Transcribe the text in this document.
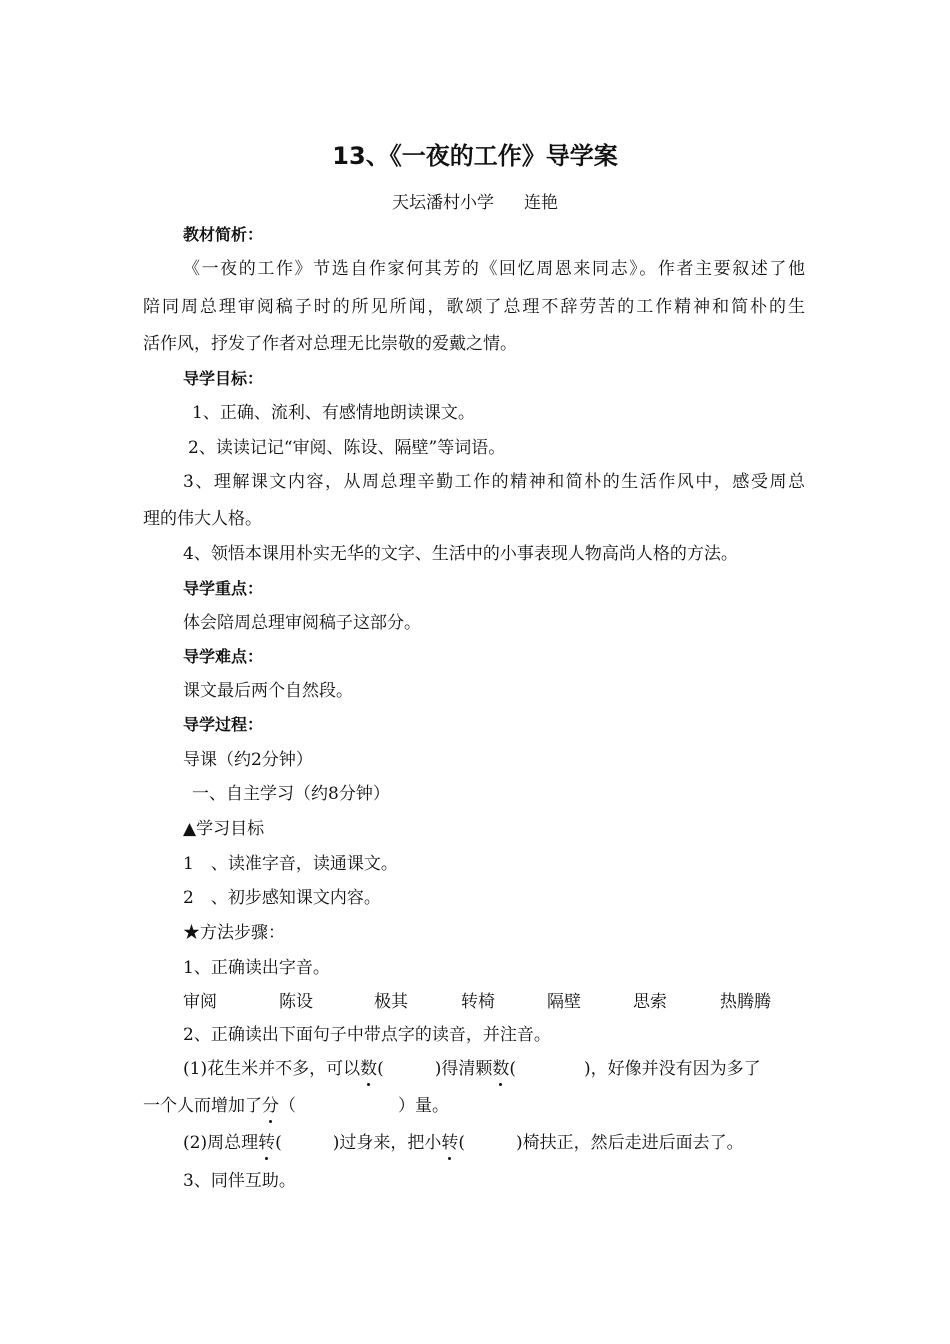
13、《一夜的工作》导学案
天坛潘村小学 连艳
教材简析：
《一夜的工作》节选自作家何其芳的《回忆周恩来同志》。作者主要叙述了他
陪同周总理审阅稿子时的所见所闻，歌颂了总理不辞劳苦的工作精神和简朴的生
活作风，抒发了作者对总理无比崇敬的爱戴之情。
导学目标：
1、正确、流利、有感情地朗读课文。
2、读读记记“审阅、陈设、隔壁”等词语。
3、理解课文内容，从周总理辛勤工作的精神和简朴的生活作风中，感受周总
理的伟大人格。
4、领悟本课用朴实无华的文字、生活中的小事表现人物高尚人格的方法。
导学重点：
体会陪周总理审阅稿子这部分。
导学难点：
课文最后两个自然段。
导学过程：
导课（约2分钟）
一、自主学习（约8分钟）
▲学习目标
1　、读准字音，读通课文。
2　、初步感知课文内容。
★方法步骤：
1、正确读出字音。
审阅	陈设	极其	转椅	隔壁	思索	热腾腾
2、正确读出下面句子中带点字的读音，并注音。
(1)花生米并不多，可以数(　　　)得清颗数(　　　　)，好像并没有因为多了
一个人而增加了分（　　　　　　）量。
(2)周总理转(　　　)过身来，把小转(　　　)椅扶正，然后走进后面去了。
3、同伴互助。
